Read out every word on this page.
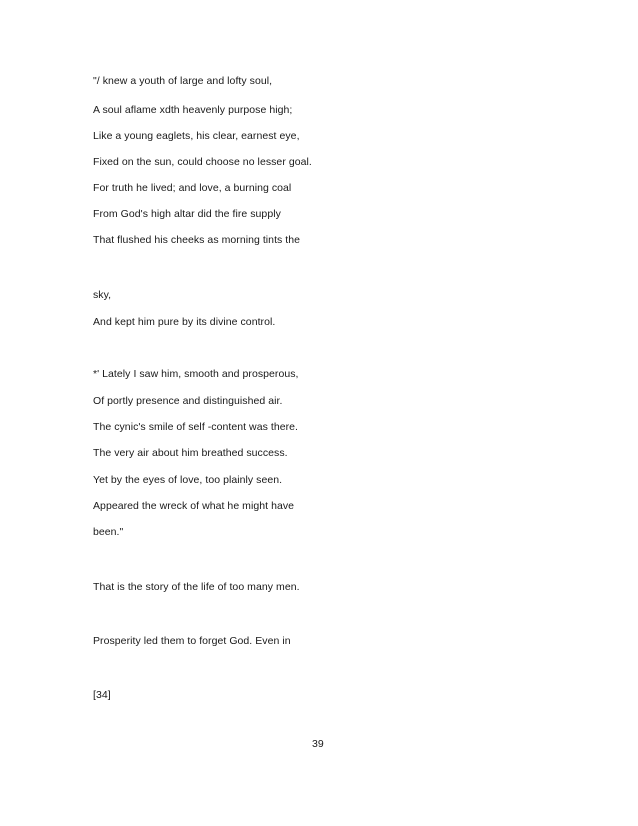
"/ knew a youth of large and lofty soul,
A soul aflame xdth heavenly purpose high;
Like a young eaglets, his clear, earnest eye,
Fixed on the sun, could choose no lesser goal.
For truth he lived; and love, a burning coal
From God's high altar did the fire supply
That flushed his cheeks as morning tints the
sky,
And kept him pure by its divine control.
*' Lately I saw him, smooth and prosperous,
Of portly presence and distinguished air.
The cynic's smile of self -content was there.
The very air about him breathed success.
Yet by the eyes of love, too plainly seen.
Appeared the wreck of what he might have
been."
That is the story of the life of too many men.
Prosperity led them to forget God. Even in
[34]
39
